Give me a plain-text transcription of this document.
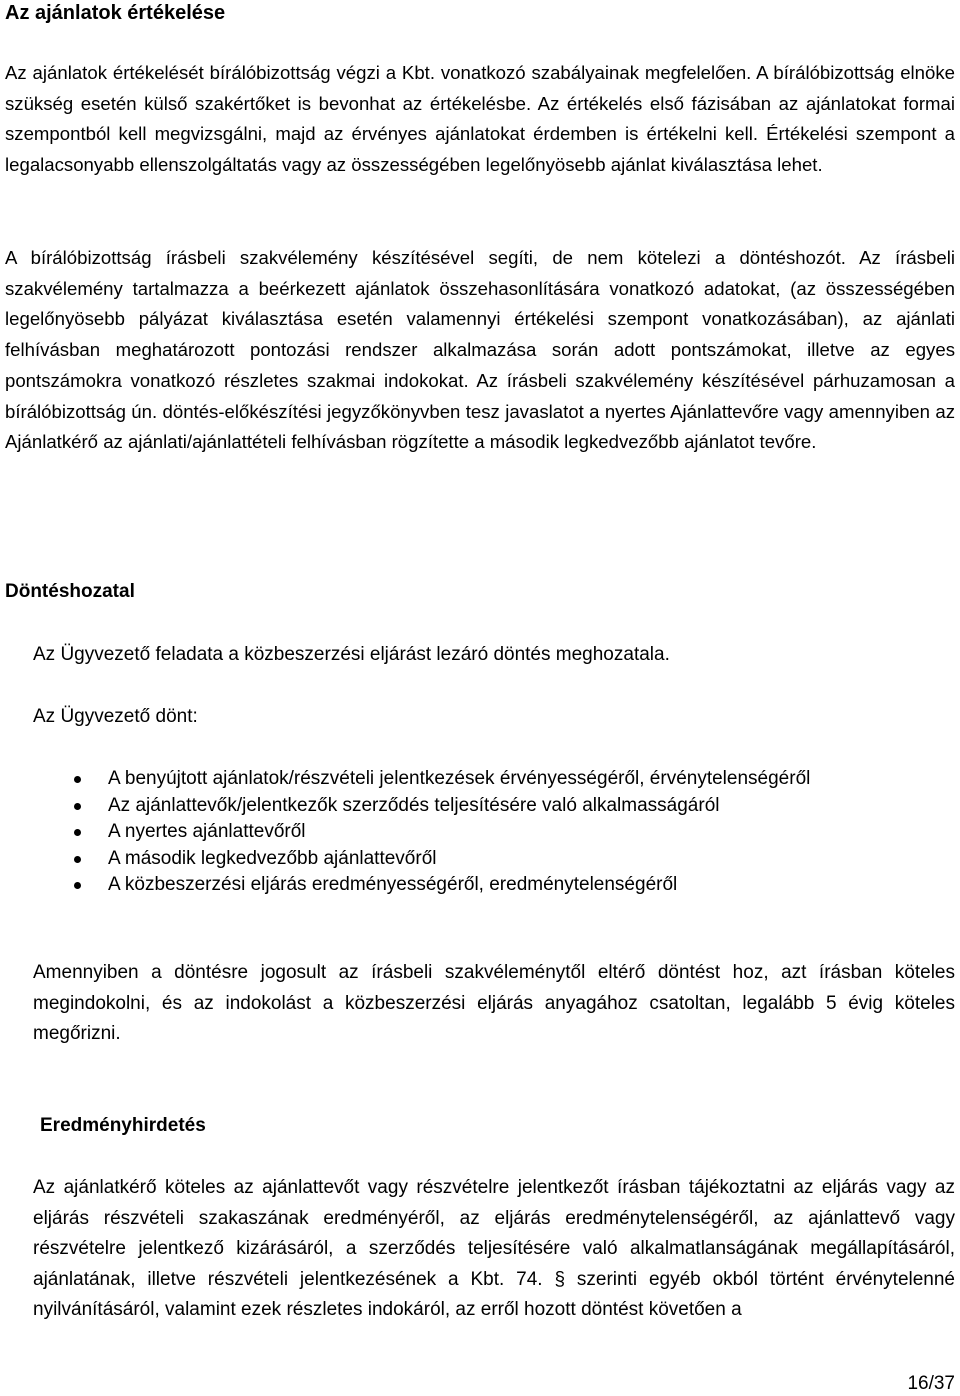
Az ajánlatok értékelése

Az ajánlatok értékelését bírálóbizottság végzi a Kbt. vonatkozó szabályainak megfelelően. A bírálóbizottság elnöke szükség esetén külső szakértőket is bevonhat az értékelésbe. Az értékelés első fázisában az ajánlatokat formai szempontból kell megvizsgálni, majd az érvényes ajánlatokat érdemben is értékelni kell. Értékelési szempont a legalacsonyabb ellenszolgáltatás vagy az összességében legelőnyösebb ajánlat kiválasztása lehet.

A bírálóbizottság írásbeli szakvélemény készítésével segíti, de nem kötelezi a döntéshozót. Az írásbeli szakvélemény tartalmazza a beérkezett ajánlatok összehasonlítására vonatkozó adatokat, (az összességében legelőnyösebb pályázat kiválasztása esetén valamennyi értékelési szempont vonatkozásában), az ajánlati felhívásban meghatározott pontozási rendszer alkalmazása során adott pontszámokat, illetve az egyes pontszámokra vonatkozó részletes szakmai indokokat. Az írásbeli szakvélemény készítésével párhuzamosan a bírálóbizottság ún. döntés-előkészítési jegyzőkönyvben tesz javaslatot a nyertes Ajánlattevőre vagy amennyiben az Ajánlatkérő az ajánlati/ajánlattételi felhívásban rögzítette a második legkedvezőbb ajánlatot tevőre.

Döntéshozatal

Az Ügyvezető feladata a közbeszerzési eljárást lezáró döntés meghozatala.

Az Ügyvezető dönt:

A benyújtott ajánlatok/részvételi jelentkezések érvényességéről, érvénytelenségéről
Az ajánlattevők/jelentkezők szerződés teljesítésére való alkalmasságáról
A nyertes ajánlattevőről
A második legkedvezőbb ajánlattevőről
A közbeszerzési eljárás eredményességéről, eredménytelenségéről

Amennyiben a döntésre jogosult az írásbeli szakvéleménytől eltérő döntést hoz, azt írásban köteles megindokolni, és az indokolást a közbeszerzési eljárás anyagához csatoltan, legalább 5 évig köteles megőrizni.

Eredményhirdetés

Az ajánlatkérő köteles az ajánlattevőt vagy részvételre jelentkezőt írásban tájékoztatni az eljárás vagy az eljárás részvételi szakaszának eredményéről, az eljárás eredménytelenségéről, az ajánlattevő vagy részvételre jelentkező kizárásáról, a szerződés teljesítésére való alkalmatlanságának megállapításáról, ajánlatának, illetve részvételi jelentkezésének a Kbt. 74. § szerinti egyéb okból történt érvénytelenné nyilvánításáról, valamint ezek részletes indokáról, az erről hozott döntést követően a

16/37
